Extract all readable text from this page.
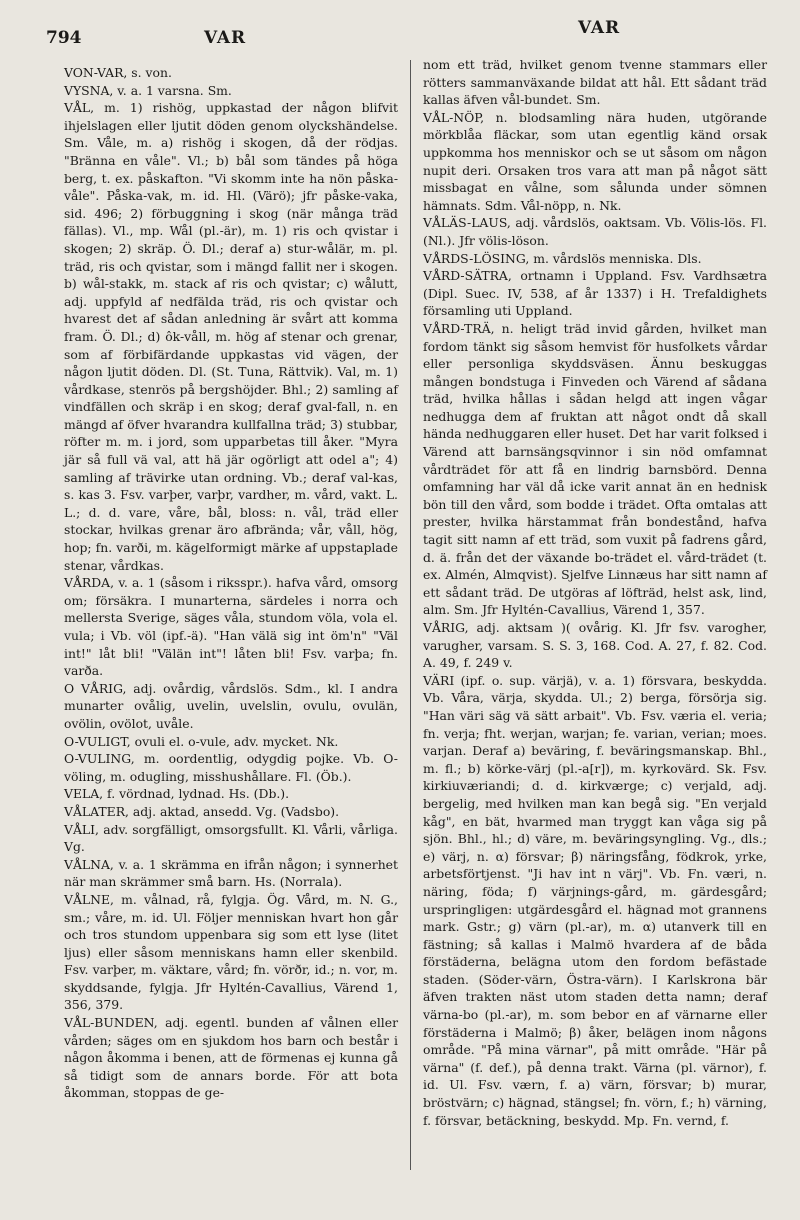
794	VAR	VAR

VON-VAR, s. von.

VYSNA, v. a. 1 varsna. Sm.

VÅL, m. 1) rishög, uppkastad der någon blifvit ihjelslagen eller ljutit döden genom olyckshändelse. Sm. Våle, m. a) rishög i skogen, då der rödjas. "Bränna en våle". Vl.; b) bål som tändes på höga berg, t. ex. påskafton. "Vi skomm inte ha nön påska-våle". Påska-vak, m. id. Hl. (Värö); jfr påske-vaka, sid. 496; 2) förbuggning i skog (när många träd fällas). Vl., mp. Wål (pl.-är), m. 1) ris och qvistar i skogen; 2) skräp. Ö. Dl.; deraf a) stur-wålär, m. pl. träd, ris och qvistar, som i mängd fallit ner i skogen. b) wål-stakk, m. stack af ris och qvistar; c) wålutt, adj. uppfyld af nedfälda träd, ris och qvistar och hvarest det af sådan anledning är svårt att komma fram. Ö. Dl.; d) ôk-våll, m. hög af stenar och grenar, som af förbifärdande uppkastas vid vägen, der någon ljutit döden. Dl. (St. Tuna, Rättvik). Val, m. 1) vårdkase, stenrös på bergshöjder. Bhl.; 2) samling af vindfällen och skräp i en skog; deraf gval-fall, n. en mängd af öfver hvarandra kullfallna träd; 3) stubbar, röfter m. m. i jord, som upparbetas till åker. "Myra jär så full vä val, att hä jär ogörligt att odel a"; 4) samling af trävirke utan ordning. Vb.; deraf val-kas, s. kas 3. Fsv. varþer, varþr, vardher, m. vård, vakt. L. L.; d. d. vare, våre, bål, bloss: n. vål, träd eller stockar, hvilkas grenar äro afbrända; vår, våll, hög, hop; fn. varði, m. kägelformigt märke af uppstaplade stenar, vårdkas.

VÅRDA, v. a. 1 (såsom i riksspr.). hafva vård, omsorg om; försäkra. I munarterna, särdeles i norra och mellersta Sverige, säges våla, stundom völa, vola el. vula; i Vb. völ (ipf.-ä). "Han välä sig int öm'n" "Väl int!" låt bli! "Välän int"! låten bli! Fsv. varþa; fn. varða.

O VÅRIG, adj. ovårdig, vårdslös. Sdm., kl. I andra munarter ovålig, uvelin, uvelslin, ovulu, ovulän, ovölin, ovölot, uvåle.

O-VULIGT, ovuli el. o-vule, adv. mycket. Nk.

O-VULING, m. oordentlig, odygdig pojke. Vb. O-völing, m. odugling, misshushållare. Fl. (Öb.).

VELA, f. vördnad, lydnad. Hs. (Db.).

VÅLATER, adj. aktad, ansedd. Vg. (Vadsbo).

VÅLI, adv. sorgfälligt, omsorgsfullt. Kl. Vårli, vårliga. Vg.

VÅLNA, v. a. 1 skrämma en ifrån någon; i synnerhet när man skrämmer små barn. Hs. (Norrala).

VÅLNE, m. vålnad, rå, fylgja. Ög. Vård, m. N. G., sm.; våre, m. id. Ul. Följer menniskan hvart hon går och tros stundom uppenbara sig som ett lyse (litet ljus) eller såsom menniskans hamn eller skenbild. Fsv. varþer, m. väktare, vård; fn. vörðr, id.; n. vor, m. skyddsande, fylgja. Jfr Hyltén-Cavallius, Värend 1, 356, 379.

VÅL-BUNDEN, adj. egentl. bunden af vålnen eller vården; säges om en sjukdom hos barn och består i någon åkomma i benen, att de förmenas ej kunna gå så tidigt som de annars borde. För att bota åkomman, stoppas de ge-

nom ett träd, hvilket genom tvenne stammars eller rötters sammanväxande bildat att hål. Ett sådant träd kallas äfven vål-bundet. Sm.

VÅL-NÖP, n. blodsamling nära huden, utgörande mörkblåa fläckar, som utan egentlig känd orsak uppkomma hos menniskor och se ut såsom om någon nupit deri. Orsaken tros vara att man på något sätt missbagat en vålne, som sålunda under sömnen hämnats. Sdm. Vål-nöpp, n. Nk.

VÅLÄS-LAUS, adj. vårdslös, oaktsam. Vb. Völis-lös. Fl. (Nl.). Jfr völis-löson.

VÅRDS-LÖSING, m. vårdslös menniska. Dls.

VÅRD-SÄTRA, ortnamn i Uppland. Fsv. Vardhsætra (Dipl. Suec. IV, 538, af år 1337) i H. Trefaldighets församling uti Uppland.

VÅRD-TRÄ, n. heligt träd invid gården, hvilket man fordom tänkt sig såsom hemvist för husfolkets vårdar eller personliga skyddsväsen. Ännu beskuggas mången bondstuga i Finveden och Värend af sådana träd, hvilka hållas i sådan helgd att ingen vågar nedhugga dem af fruktan att något ondt då skall hända nedhuggaren eller huset. Det har varit folksed i Värend att barnsängsqvinnor i sin nöd omfamnat vårdträdet för att få en lindrig barnsbörd. Denna omfamning har väl då icke varit annat än en hednisk bön till den vård, som bodde i trädet. Ofta omtalas att prester, hvilka härstammat från bondestånd, hafva tagit sitt namn af ett träd, som vuxit på fadrens gård, d. ä. från det der växande bo-trädet el. vård-trädet (t. ex. Almén, Almqvist). Sjelfve Linnæus har sitt namn af ett sådant träd. De utgöras af löfträd, helst ask, lind, alm. Sm. Jfr Hyltén-Cavallius, Värend 1, 357.

VÅRIG, adj. aktsam )( ovårig. Kl. Jfr fsv. varogher, varugher, varsam. S. S. 3, 168. Cod. A. 27, f. 82. Cod. A. 49, f. 249 v.

VÄRI (ipf. o. sup. värjä), v. a. 1) försvara, beskydda. Vb. Våra, värja, skydda. Ul.; 2) berga, försörja sig. "Han väri säg vä sätt arbait". Vb. Fsv. væria el. veria; fn. verja; fht. werjan, warjan; fe. varian, verian; moes. varjan. Deraf a) beväring, f. beväringsmanskap. Bhl., m. fl.; b) körke-värj (pl.-a[r]), m. kyrkovärd. Sk. Fsv. kirkiuværiandi; d. d. kirkværge; c) verjald, adj. bergelig, med hvilken man kan begå sig. "En verjald kåg", en bät, hvarmed man tryggt kan våga sig på sjön. Bhl., hl.; d) väre, m. beväringsyngling. Vg., dls.; e) värj, n. α) försvar; β) näringsfång, födkrok, yrke, arbetsförtjenst. "Ji hav int n värj". Vb. Fn. væri, n. näring, föda; f) värjnings-gård, m. gärdesgård; urspringligen: utgärdesgård el. hägnad mot grannens mark. Gstr.; g) värn (pl.-ar), m. α) utanverk till en fästning; så kallas i Malmö hvardera af de båda förstäderna, belägna utom den fordom befästade staden. (Söder-värn, Östra-värn). I Karlskrona bär äfven trakten näst utom staden detta namn; deraf värna-bo (pl.-ar), m. som bebor en af värnarne eller förstäderna i Malmö; β) åker, belägen inom någons område. "På mina värnar", på mitt område. "Här på värna" (f. def.), på denna trakt. Värna (pl. värnor), f. id. Ul. Fsv. værn, f. a) värn, försvar; b) murar, bröstvärn; c) hägnad, stängsel; fn. vörn, f.; h) värning, f. försvar, betäckning, beskydd. Mp. Fn. vernd, f.
